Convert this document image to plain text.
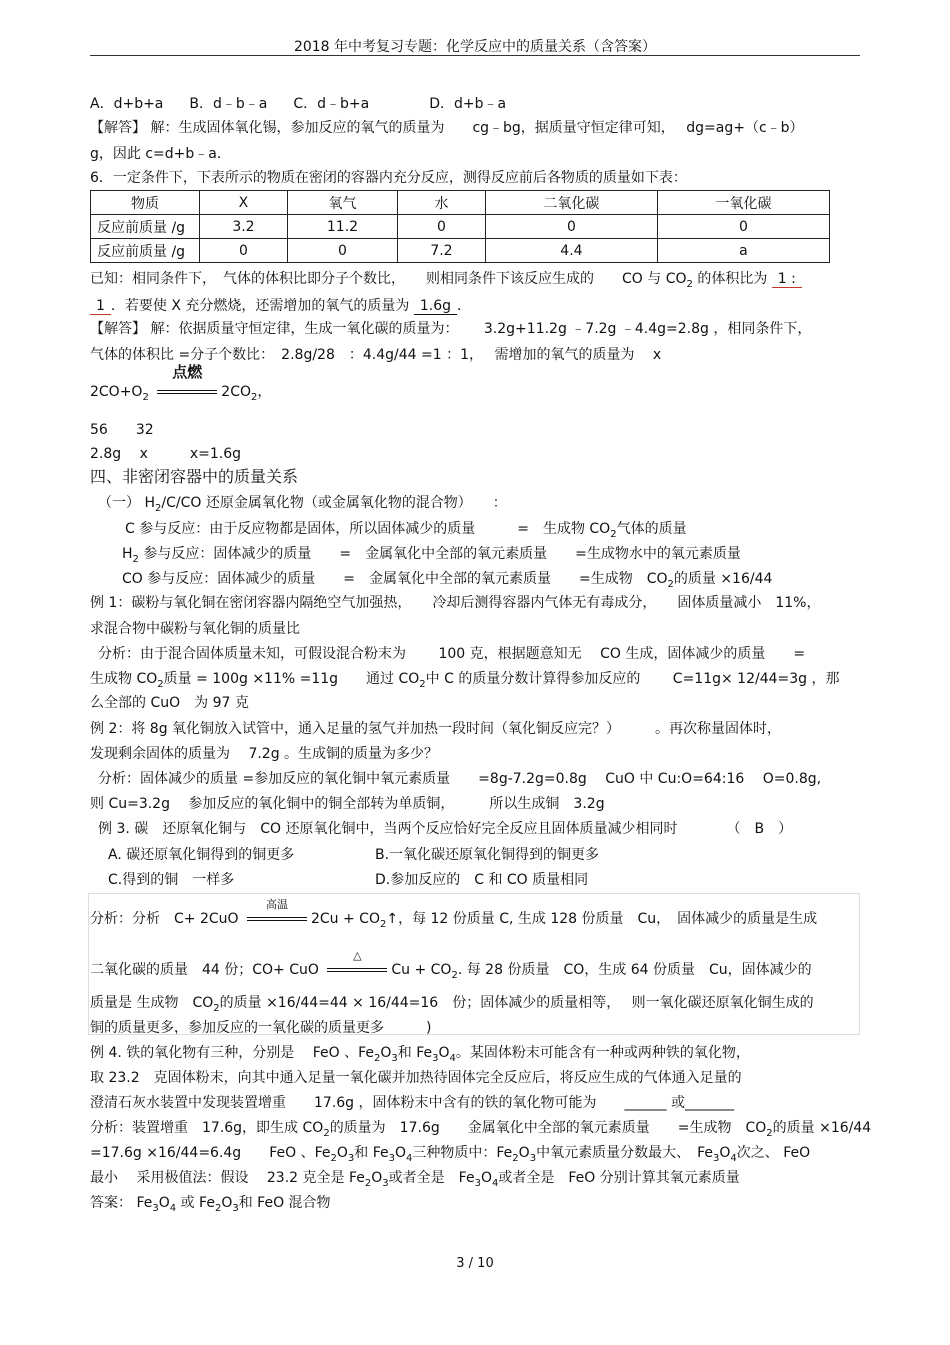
2018 年中考复习专题：化学反应中的质量关系（含答案）
A．d+b+a B．d﹣b﹣a C．d﹣b+a	D．d+b﹣a
【解答】 解：生成固体氧化锡，参加反应的氧气的质量为　　cg﹣bg，据质量守恒定律可知，　 dg=ag+（c﹣b）
g，因此 c=d+b﹣a．
6．一定条件下，下表所示的物质在密闭的容器内充分反应，测得反应前后各物质的质量如下表：
物质	X	氧气	水	二氧化碳	一氧化碳
反应前质量 /g	3.2	11.2	0	0	0
反应前质量 /g	0	0	7.2	4.4	a
已知：相同条件下，　气体的体积比即分子个数比，　　则相同条件下该反应生成的　　CO 与 $CO_2$ 的体积比为 1 :
1 ．若要使 X 充分燃烧，还需增加的氧气的质量为 1.6g ．
【解答】 解：依据质量守恒定律，生成一氧化碳的质量为：　　 3.2g+11.2g ﹣7.2g ﹣4.4g=2.8g ，相同条件下，
气体的体积比 =分子个数比：　2.8g/28　：4.4g/44 =1 ：1，　 需增加的氧气的质量为　 x
$2CO+O_2$
点燃
$2CO_2$，
56　　32
2.8g　 x　　　x=1.6g
四、非密闭容器中的质量关系
（一） $H_2/C/CO$ 还原金属氧化物（或金属氧化物的混合物）　　：
C 参与反应：由于反应物都是固体，所以固体减少的质量　　　=　生成物 $CO_2$气体的质量
$H_2$ 参与反应：固体减少的质量　　=　金属氧化中全部的氧元素质量　　=生成物水中的氧元素质量
CO 参与反应：固体减少的质量　　=　金属氧化中全部的氧元素质量　　=生成物　$CO_2$的质量 ×16/44
例 1：碳粉与氧化铜在密闭容器内隔绝空气加强热，　　冷却后测得容器内气体无有毒成分，　　固体质量减小　11%，
求混合物中碳粉与氧化铜的质量比
分析：由于混合固体质量未知，可假设混合粉末为　　 100 克，根据题意知无　 CO 生成，固体减少的质量　　=
生成物 $CO_2$质量 = 100g ×11% =11g　　通过 $CO_2$中 C 的质量分数计算得参加反应的　　 C=11g× 12/44=3g ，那
么全部的 CuO　为 97 克
例 2：将 8g 氧化铜放入试管中，通入足量的氢气并加热一段时间（氧化铜反应完？）　　　。再次称量固体时，
发现剩余固体的质量为　 7.2g 。生成铜的质量为多少？
分析：固体减少的质量 =参加反应的氧化铜中氧元素质量　　=8g-7.2g=0.8g　 CuO 中 Cu:O=64:16　 O=0.8g,
则 Cu=3.2g　 参加反应的氧化铜中的铜全部转为单质铜，　　　所以生成铜　3.2g
例 3. 碳　还原氧化铜与　CO 还原氧化铜中，当两个反应恰好完全反应且固体质量减少相同时　　　　（　B　）
A. 碳还原氧化铜得到的铜更多	B.一氧化碳还原氧化铜得到的铜更多
C.得到的铜　一样多	D.参加反应的　C 和 CO 质量相同
分析：分析　C+ 2CuO
高温
$2Cu + CO_2↑$，每 12 份质量 C, 生成 128 份质量　Cu，　固体减少的质量是生成
二氧化碳的质量　44 份；CO+ CuO
△
$Cu + CO_2$. 每 28 份质量　CO，生成 64 份质量　Cu，固体减少的
质量是 生成物　$CO_2$的质量 ×16/44=44 × 16/44=16　份；固体减少的质量相等，　 则一氧化碳还原氧化铜生成的
铜的质量更多，参加反应的一氧化碳的质量更多	)
例 4. 铁的氧化物有三种，分别是　 FeO 、$Fe_2O_3$和 $Fe_3O_4$。某固体粉末可能含有一种或两种铁的氧化物，
取 23.2　克固体粉末，向其中通入足量一氧化碳并加热待固体完全反应后，将反应生成的气体通入足量的
澄清石灰水装置中发现装置增重　　17.6g ，固体粉末中含有的铁的氧化物可能为　　______ 或_______
分析：装置增重　17.6g，即生成 $CO_2$的质量为　17.6g　　金属氧化中全部的氧元素质量　　=生成物　$CO_2$的质量 ×16/44
=17.6g ×16/44=6.4g　　FeO 、$Fe_2O_3$和 $Fe_3O_4$三种物质中：$Fe_2O_3$中氧元素质量分数最大、　$Fe_3O_4$次之、 FeO
最小　 采用极值法：假设　 23.2 克全是 $Fe_2O_3$或者全是　$Fe_3O_4$或者全是　FeO 分别计算其氧元素质量
答案： $Fe_3O_4$ 或 $Fe_2O_3$和 FeO 混合物
3 / 10
